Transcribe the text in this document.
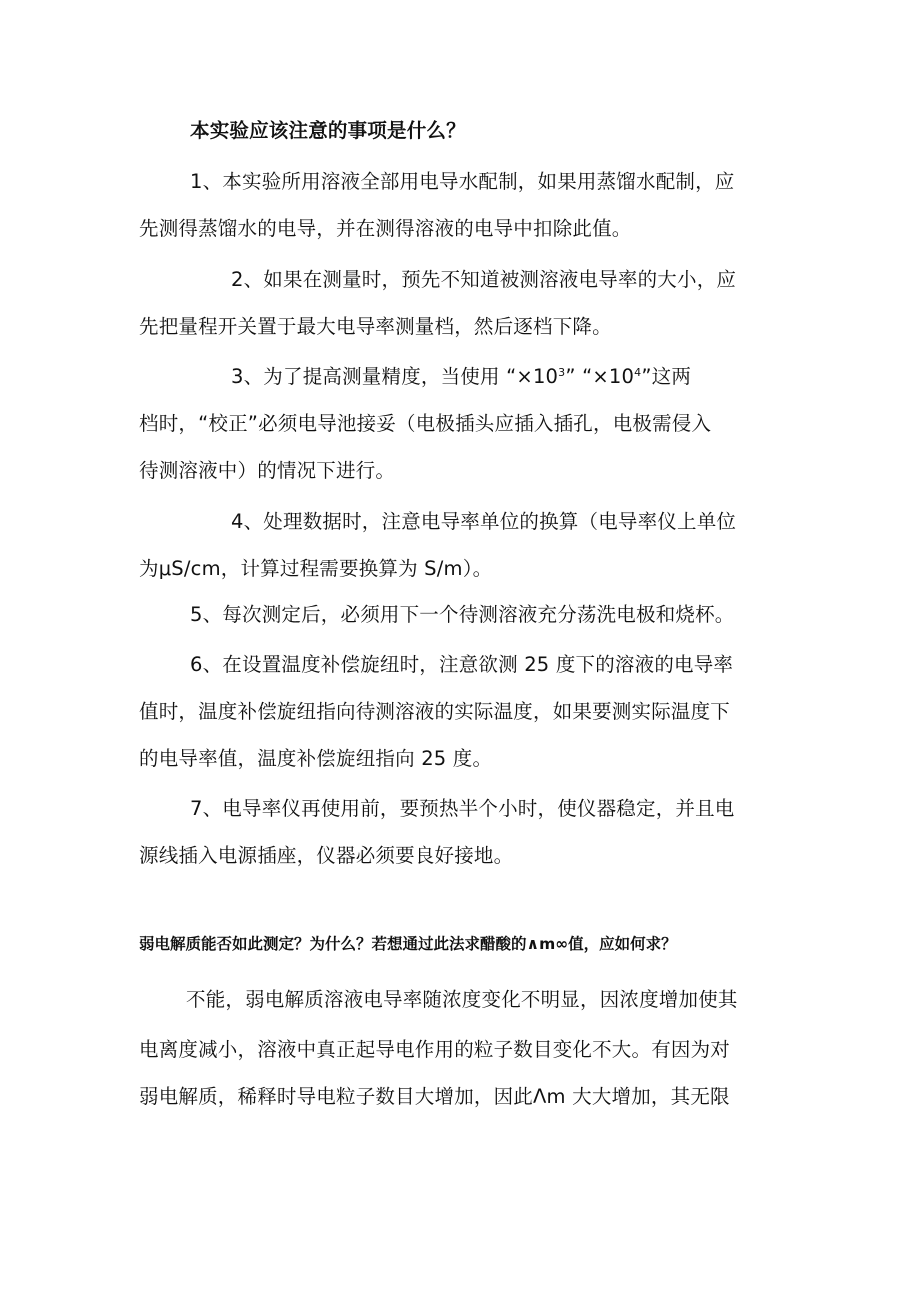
本实验应该注意的事项是什么？
1、本实验所用溶液全部用电导水配制，如果用蒸馏水配制，应
先测得蒸馏水的电导，并在测得溶液的电导中扣除此值。
2、如果在测量时，预先不知道被测溶液电导率的大小，应
先把量程开关置于最大电导率测量档，然后逐档下降。
3、为了提高测量精度，当使用 “$\times 10^3$” “$\times 10^4$”这两
档时，“校正”必须电导池接妥（电极插头应插入插孔，电极需侵入
待测溶液中）的情况下进行。
4、处理数据时，注意电导率单位的换算（电导率仪上单位
为μS/cm，计算过程需要换算为 S/m）。
5、每次测定后，必须用下一个待测溶液充分荡洗电极和烧杯。
6、在设置温度补偿旋纽时，注意欲测 25 度下的溶液的电导率
值时，温度补偿旋纽指向待测溶液的实际温度，如果要测实际温度下
的电导率值，温度补偿旋纽指向 25 度。
7、电导率仪再使用前，要预热半个小时，使仪器稳定，并且电
源线插入电源插座，仪器必须要良好接地。
弱电解质能否如此测定？为什么？若想通过此法求醋酸的∧m∞值，应如何求？
不能，弱电解质溶液电导率随浓度变化不明显，因浓度增加使其
电离度减小，溶液中真正起导电作用的粒子数目变化不大。有因为对
弱电解质，稀释时导电粒子数目大增加，因此Λm 大大增加，其无限
